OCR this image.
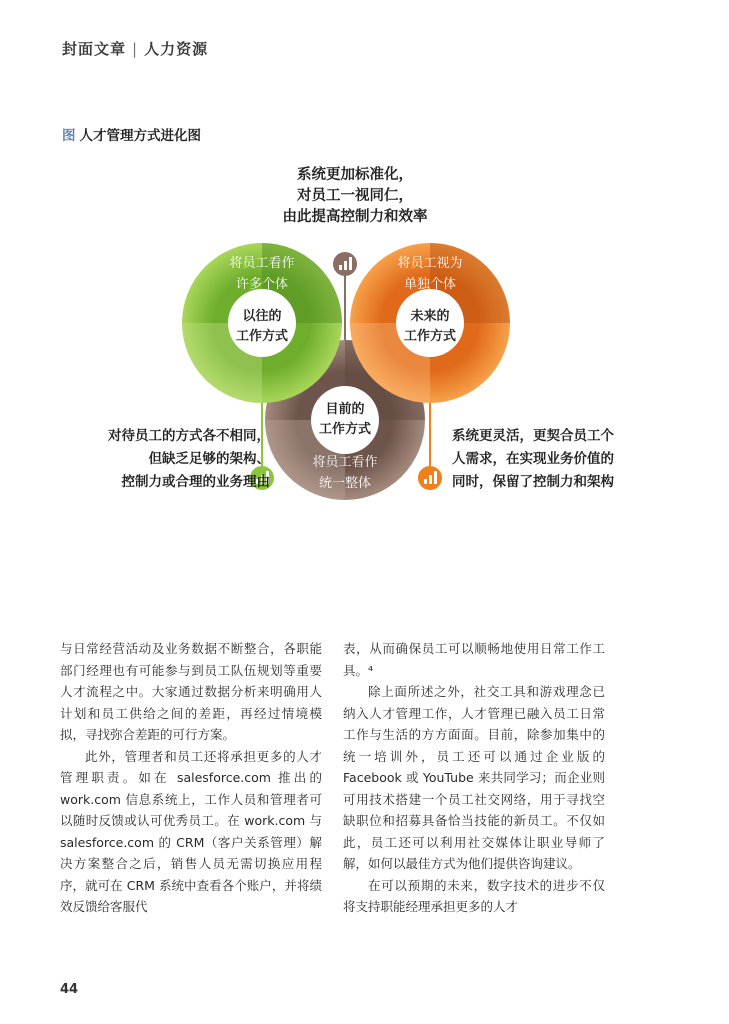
封面文章 | 人力资源
图 人才管理方式进化图
系统更加标准化，
对员工一视同仁，
由此提高控制力和效率
将员工看作
许多个体
将员工视为
单独个体
将员工看作
统一整体
以往的
工作方式
未来的
工作方式
目前的
工作方式
对待员工的方式各不相同，
但缺乏足够的架构、
控制力或合理的业务理由
系统更灵活，更契合员工个
人需求，在实现业务价值的
同时，保留了控制力和架构

与日常经营活动及业务数据不断整合，各职能部门经理也有可能参与到员工队伍规划等重要人才流程之中。大家通过数据分析来明确用人计划和员工供给之间的差距，再经过情境模拟，寻找弥合差距的可行方案。

此外，管理者和员工还将承担更多的人才管理职责。如在 salesforce.com 推出的 work.com 信息系统上，工作人员和管理者可以随时反馈或认可优秀员工。在 work.com 与 salesforce.com 的 CRM（客户关系管理）解决方案整合之后，销售人员无需切换应用程序，就可在 CRM 系统中查看各个账户，并将绩效反馈给客服代

表，从而确保员工可以顺畅地使用日常工作工具。⁴

除上面所述之外，社交工具和游戏理念已纳入人才管理工作，人才管理已融入员工日常工作与生活的方方面面。目前，除参加集中的统一培训外，员工还可以通过企业版的 Facebook 或 YouTube 来共同学习；而企业则可用技术搭建一个员工社交网络，用于寻找空缺职位和招募具备恰当技能的新员工。不仅如此，员工还可以利用社交媒体让职业导师了解，如何以最佳方式为他们提供咨询建议。

在可以预期的未来，数字技术的进步不仅将支持职能经理承担更多的人才

44
